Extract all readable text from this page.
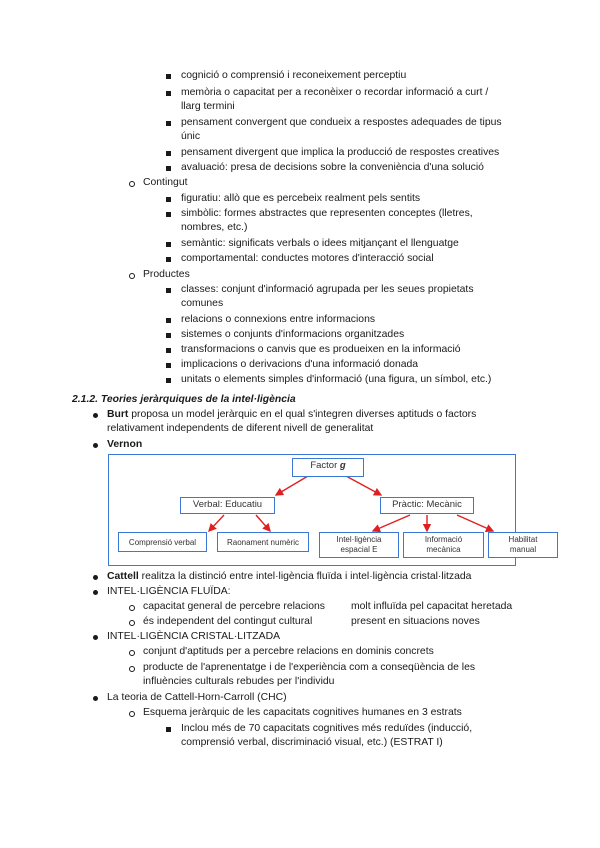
cognició o comprensió i reconeixement perceptiu
memòria o capacitat per a reconèixer o recordar informació a curt /
llarg termini
pensament convergent que condueix a respostes adequades de tipus
únic
pensament divergent que implica la producció de respostes creatives
avaluació: presa de decisions sobre la conveniència d'una solució
Contingut
figuratiu: allò que es percebeix realment pels sentits
simbòlic: formes abstractes que representen conceptes (lletres,
nombres, etc.)
semàntic: significats verbals o idees mitjançant el llenguatge
comportamental: conductes motores d'interacció social
Productes
classes: conjunt d'informació agrupada per les seues propietats
comunes
relacions o connexions entre informacions
sistemes o conjunts d'informacions organitzades
transformacions o canvis que es produeixen en la informació
implicacions o derivacions d'una informació donada
unitats o elements simples d'informació (una figura, un símbol, etc.)
2.1.2. Teories jeràrquiques de la intel·ligència
Burt proposa un model jeràrquic en el qual s'integren diverses aptituds o factors
relativament independents de diferent nivell de generalitat
Vernon
Factor g
Verbal: Educatiu	Pràctic: Mecànic
Comprensió verbal	Raonament numèric	Intel·ligència
espacial E
Informació
mecànica
Habilitat
manual
Cattell realitza la distinció entre intel·ligència fluïda i intel·ligència cristal·litzada
INTEL·LIGÈNCIA FLUÏDA:
capacitat general de percebre relacions	molt influïda pel capacitat heretada
és independent del contingut cultural	present en situacions noves
INTEL·LIGÈNCIA CRISTAL·LITZADA
conjunt d'aptituds per a percebre relacions en dominis concrets
producte de l'aprenentatge i de l'experiència com a conseqüència de les
influències culturals rebudes per l'individu
La teoria de Cattell-Horn-Carroll (CHC)
Esquema jeràrquic de les capacitats cognitives humanes en 3 estrats
Inclou més de 70 capacitats cognitives més reduïdes (inducció,
comprensió verbal, discriminació visual, etc.) (ESTRAT I)
